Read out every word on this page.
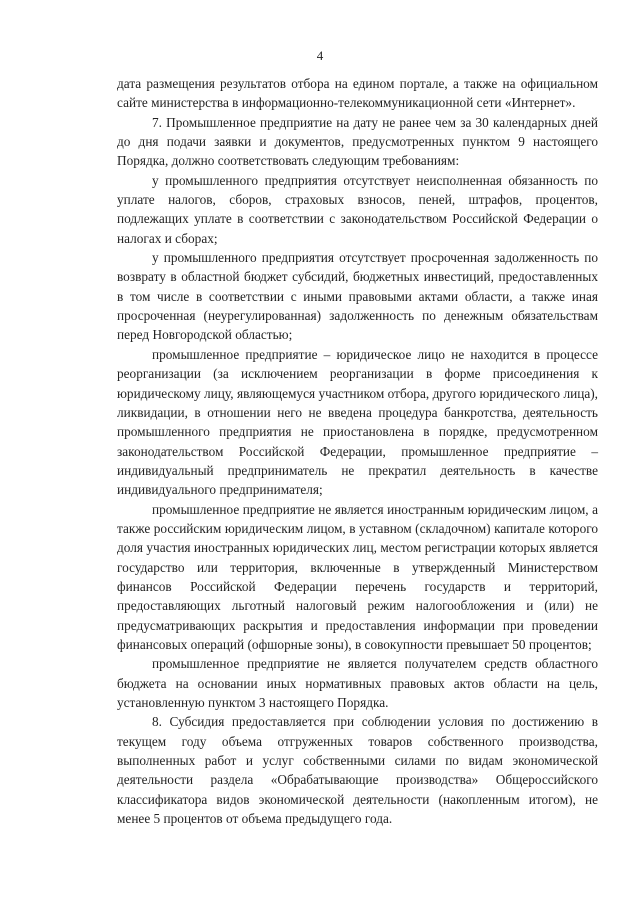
4

дата размещения результатов отбора на едином портале, а также на официальном сайте министерства в информационно-телекоммуникационной сети «Интернет».

7. Промышленное предприятие на дату не ранее чем за 30 календарных дней до дня подачи заявки и документов, предусмотренных пунктом 9 настоящего Порядка, должно соответствовать следующим требованиям:

у промышленного предприятия отсутствует неисполненная обязанность по уплате налогов, сборов, страховых взносов, пеней, штрафов, процентов, подлежащих уплате в соответствии с законодательством Российской Федерации о налогах и сборах;

у промышленного предприятия отсутствует просроченная задолженность по возврату в областной бюджет субсидий, бюджетных инвестиций, предоставленных в том числе в соответствии с иными правовыми актами области, а также иная просроченная (неурегулированная) задолженность по денежным обязательствам перед Новгородской областью;

промышленное предприятие – юридическое лицо не находится в процессе реорганизации (за исключением реорганизации в форме присоединения к юридическому лицу, являющемуся участником отбора, другого юридического лица), ликвидации, в отношении него не введена процедура банкротства, деятельность промышленного предприятия не приостановлена в порядке, предусмотренном законодательством Российской Федерации, промышленное предприятие – индивидуальный предприниматель не прекратил деятельность в качестве индивидуального предпринимателя;

промышленное предприятие не является иностранным юридическим лицом, а также российским юридическим лицом, в уставном (складочном) капитале которого доля участия иностранных юридических лиц, местом регистрации которых является государство или территория, включенные в утвержденный Министерством финансов Российской Федерации перечень государств и территорий, предоставляющих льготный налоговый режим налогообложения и (или) не предусматривающих раскрытия и предоставления информации при проведении финансовых операций (офшорные зоны), в совокупности превышает 50 процентов;

промышленное предприятие не является получателем средств областного бюджета на основании иных нормативных правовых актов области на цель, установленную пунктом 3 настоящего Порядка.

8. Субсидия предоставляется при соблюдении условия по достижению в текущем году объема отгруженных товаров собственного производства, выполненных работ и услуг собственными силами по видам экономической деятельности раздела «Обрабатывающие производства» Общероссийского классификатора видов экономической деятельности (накопленным итогом), не менее 5 процентов от объема предыдущего года.
